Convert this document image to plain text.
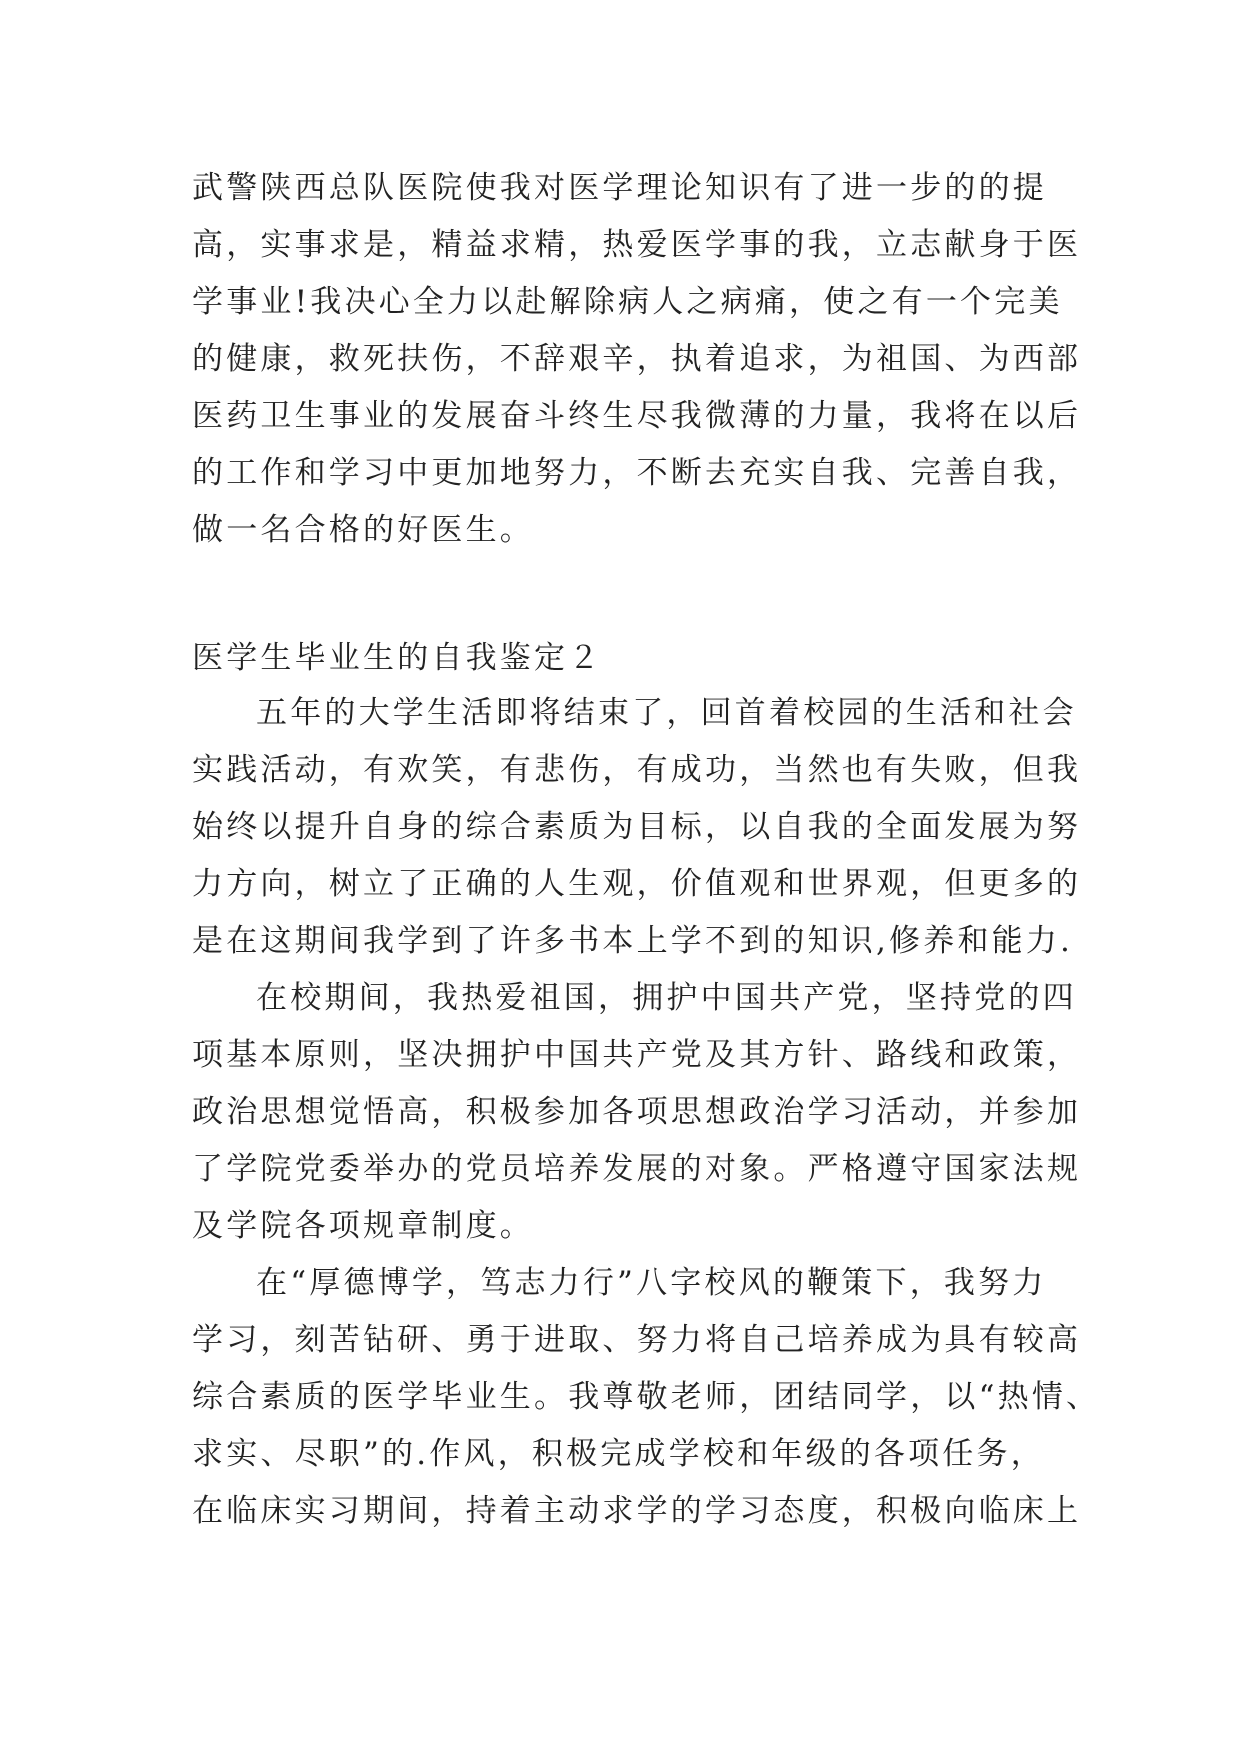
武警陕西总队医院使我对医学理论知识有了进一步的的提
高，实事求是，精益求精，热爱医学事的我，立志献身于医
学事业!我决心全力以赴解除病人之病痛，使之有一个完美
的健康，救死扶伤，不辞艰辛，执着追求，为祖国、为西部
医药卫生事业的发展奋斗终生尽我微薄的力量，我将在以后
的工作和学习中更加地努力，不断去充实自我、完善自我，
做一名合格的好医生。
医学生毕业生的自我鉴定２
五年的大学生活即将结束了，回首着校园的生活和社会
实践活动，有欢笑，有悲伤，有成功，当然也有失败，但我
始终以提升自身的综合素质为目标，以自我的全面发展为努
力方向，树立了正确的人生观，价值观和世界观，但更多的
是在这期间我学到了许多书本上学不到的知识,修养和能力.
在校期间，我热爱祖国，拥护中国共产党，坚持党的四
项基本原则，坚决拥护中国共产党及其方针、路线和政策，
政治思想觉悟高，积极参加各项思想政治学习活动，并参加
了学院党委举办的党员培养发展的对象。严格遵守国家法规
及学院各项规章制度。
在“厚德博学，笃志力行”八字校风的鞭策下，我努力
学习，刻苦钻研、勇于进取、努力将自己培养成为具有较高
综合素质的医学毕业生。我尊敬老师，团结同学，以“热情、
求实、尽职”的.作风，积极完成学校和年级的各项任务，
在临床实习期间，持着主动求学的学习态度，积极向临床上
